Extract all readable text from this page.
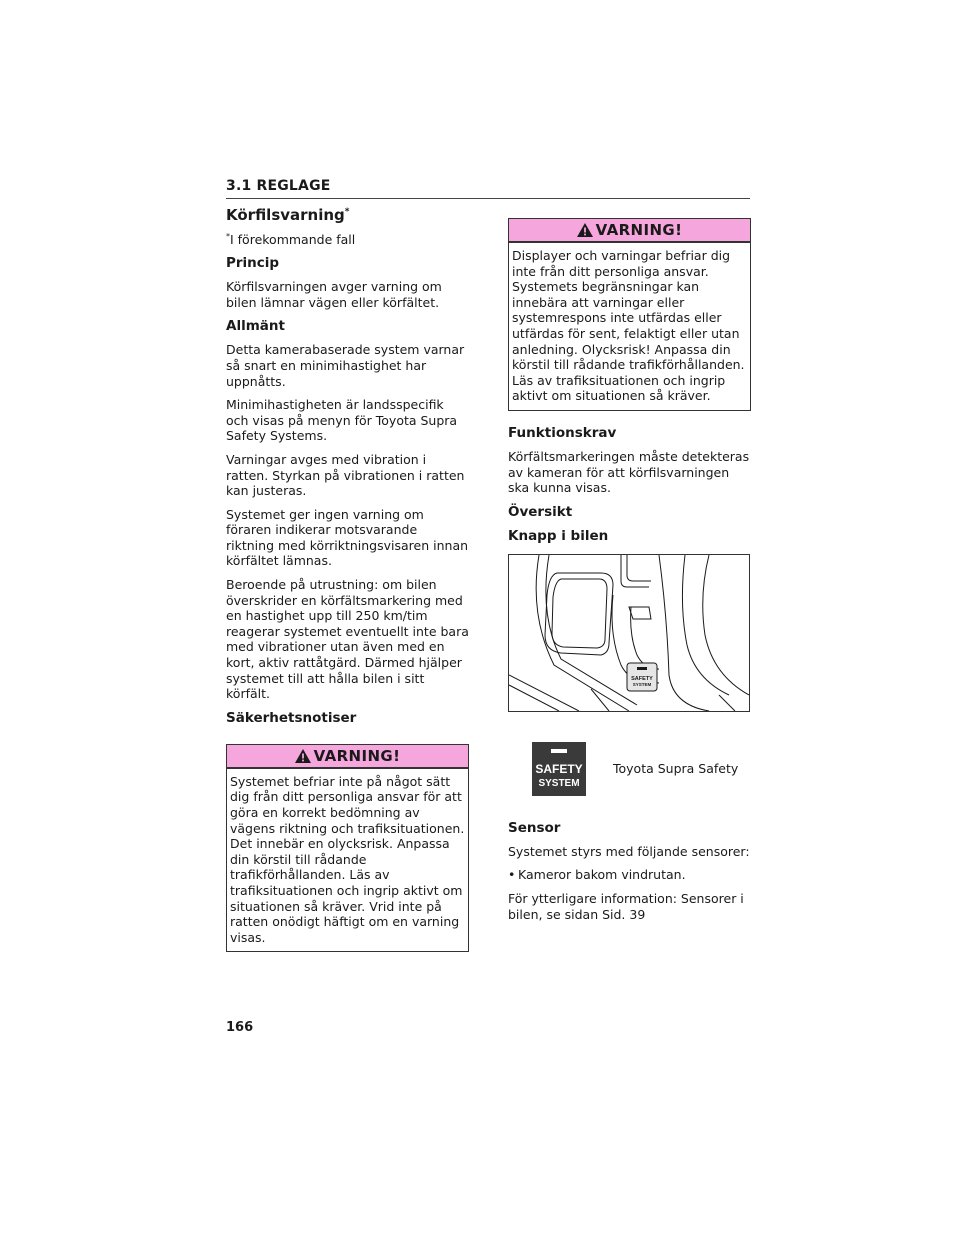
3.1 REGLAGE
Körfilsvarning*
*I förekommande fall
Princip

Körfilsvarningen avger varning om bilen lämnar vägen eller körfältet.

Allmänt

Detta kamerabaserade system varnar så snart en minimihastighet har uppnåtts.

Minimihastigheten är landsspecifik och visas på menyn för Toyota Supra Safety Systems.

Varningar avges med vibration i ratten. Styrkan på vibrationen i ratten kan justeras.

Systemet ger ingen varning om föraren indikerar motsvarande riktning med körriktningsvisaren innan körfältet lämnas.

Beroende på utrustning: om bilen överskrider en körfältsmarkering med en hastighet upp till 250 km/tim reagerar systemet eventuellt inte bara med vibrationer utan även med en kort, aktiv rattåtgärd. Därmed hjälper systemet till att hålla bilen i sitt körfält.

Säkerhetsnotiser
VARNING!
Systemet befriar inte på något sätt dig från ditt personliga ansvar för att göra en korrekt bedömning av vägens riktning och trafiksituationen. Det innebär en olycksrisk. Anpassa din körstil till rådande trafikförhållanden. Läs av trafiksituationen och ingrip aktivt om situationen så kräver. Vrid inte på ratten onödigt häftigt om en varning visas.
VARNING!
Displayer och varningar befriar dig inte från ditt personliga ansvar. Systemets begränsningar kan innebära att varningar eller systemrespons inte utfärdas eller utfärdas för sent, felaktigt eller utan anledning. Olycksrisk! Anpassa din körstil till rådande trafikförhållanden. Läs av trafiksituationen och ingrip aktivt om situationen så kräver.
Funktionskrav

Körfältsmarkeringen måste detekteras av kameran för att körfilsvarningen ska kunna visas.

Översikt
Knapp i bilen
SAFETY
SYSTEM
SAFETY
SYSTEM
Toyota Supra Safety
Sensor

Systemet styrs med följande sensorer:

• Kameror bakom vindrutan.

För ytterligare information: Sensorer i bilen, se sidan Sid. 39

166
